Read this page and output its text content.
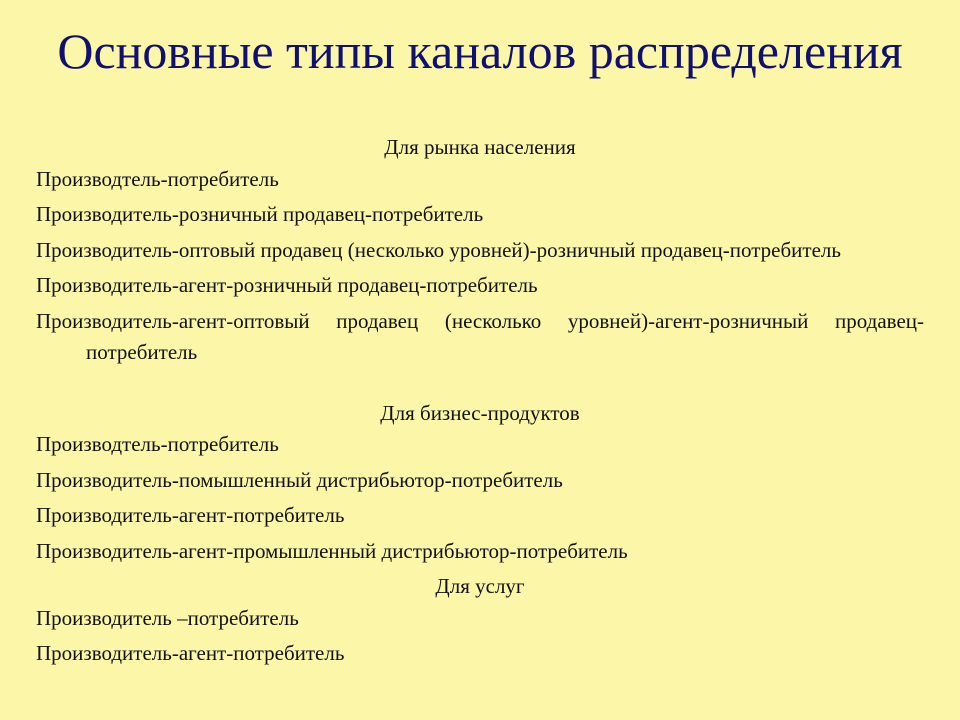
Основные типы каналов распределения
Для рынка населения
Производтель-потребитель
Производитель-розничный продавец-потребитель
Производитель-оптовый продавец (несколько уровней)-розничный продавец-потребитель
Производитель-агент-розничный продавец-потребитель
Производитель-агент-оптовый продавец (несколько уровней)-агент-розничный продавец-потребитель
Для бизнес-продуктов
Производтель-потребитель
Производитель-помышленный дистрибьютор-потребитель
Производитель-агент-потребитель
Производитель-агент-промышленный дистрибьютор-потребитель
Для услуг
Производитель –потребитель
Производитель-агент-потребитель
